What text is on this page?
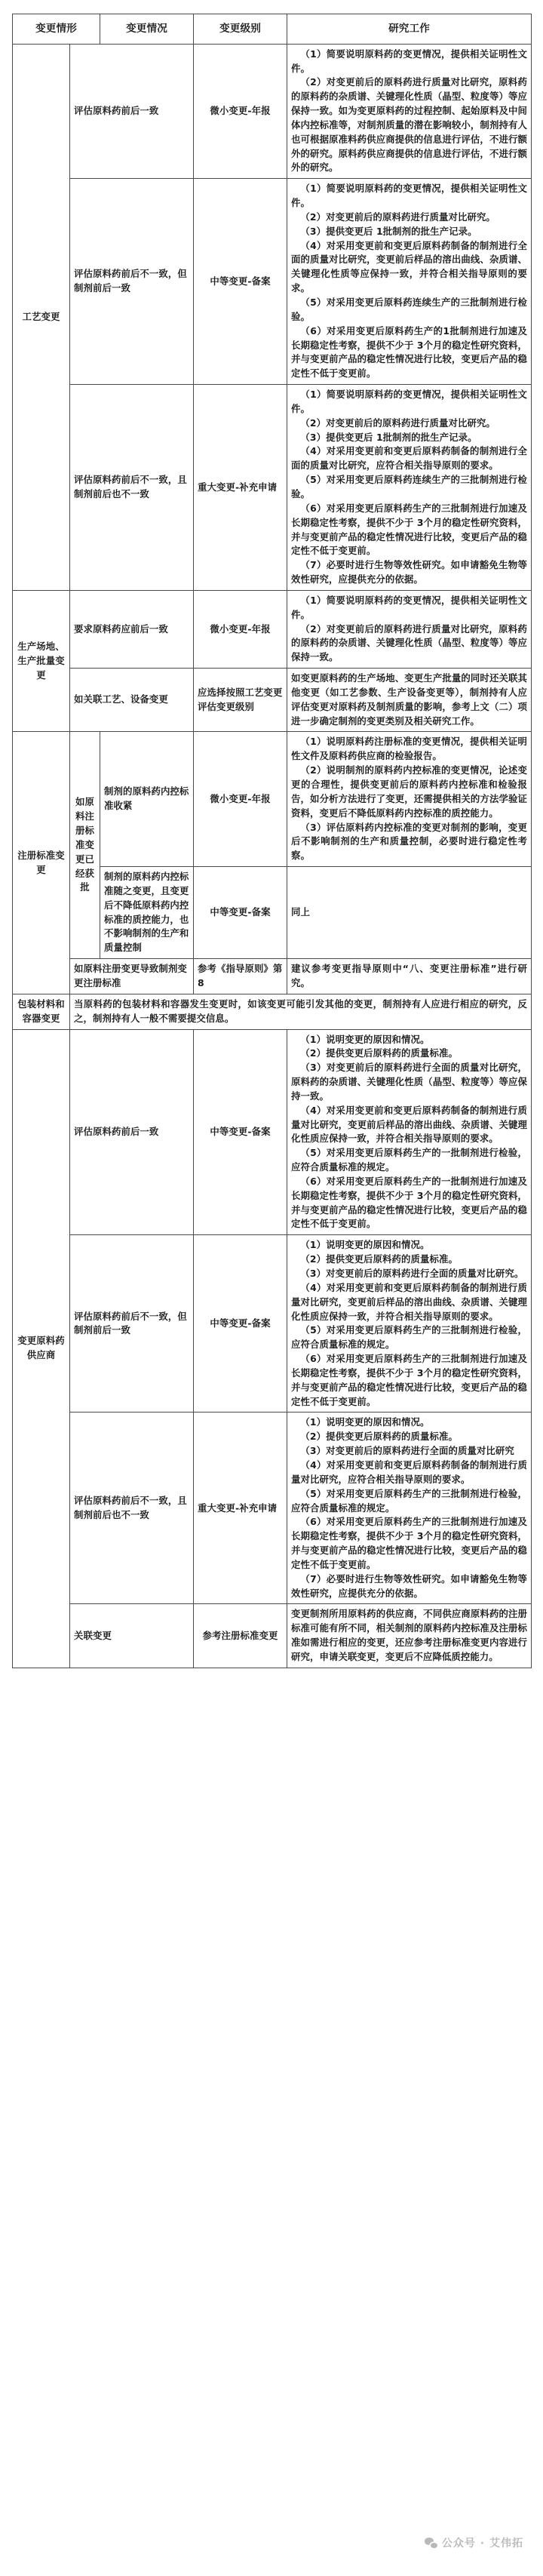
变更情形		变更情况	变更级别	研究工作
工艺变更	评估原料药前后一致		微小变更-年报	（1）简要说明原料药的变更情况，提供相关证明性文件。

（2）对变更前后的原料药进行质量对比研究，原料药的原料药的杂质谱、关键理化性质（晶型、粒度等）等应保持一致。如为变更原料药的过程控制、起始原料及中间体内控标准等，对制剂质量的潜在影响较小，制剂持有人也可根据原准料药供应商提供的信息进行评估，不进行额外的研究。原料药供应商提供的信息进行评估，不进行额外的研究。

评估原料药前后不一致，但制剂前后一致	中等变更-备案	

（1）简要说明原料药的变更情况，提供相关证明性文件。

（2）对变更前后的原料药进行质量对比研究。

（3）提供变更后 1批制剂的批生产记录。

（4）对采用变更前和变更后原料药制备的制剂进行全面的质量对比研究，变更前后样品的溶出曲线、杂质谱、关键理化性质等应保持一致，并符合相关指导原则的要求。

（5）对采用变更后原料药连续生产的三批制剂进行检验。

（6）对采用变更后原料药生产的1批制剂进行加速及长期稳定性考察，提供不少于 3个月的稳定性研究资料，并与变更前产品的稳定性情况进行比较，变更后产品的稳定性不低于变更前。

评估原料药前后不一致，且制剂前后也不一致	重大变更-补充申请	

（1）简要说明原料药的变更情况，提供相关证明性文件。

（2）对变更前后的原料药进行质量对比研究。

（3）提供变更后 1批制剂的批生产记录。

（4）对采用变更前和变更后原料药制备的制剂进行全面的质量对比研究，应符合相关指导原则的要求。

（5）对采用变更后原料药连续生产的三批制剂进行检验。

（6）对采用变更后原料药生产的三批制剂进行加速及长期稳定性考察，提供不少于 3个月的稳定性研究资料，并与变更前产品的稳定性情况进行比较，变更后产品的稳定性不低于变更前。

（7）必要时进行生物等效性研究。如申请豁免生物等效性研究，应提供充分的依据。

生产场地、生产批量变更	要求原料药应前后一致		微小变更-年报	（1）简要说明原料药的变更情况，提供相关证明性文件。

（2）对变更前后的原料药进行质量对比研究，原料药的原料药的杂质谱、关键理化性质（晶型、粒度等）等应保持一致。

	如关联工艺、设备变更		应选择按照工艺变更评估变更级别	如变更原料药的生产场地、变更生产批量的同时还关联其他变更（如工艺参数、生产设备变更等），制剂持有人应评估变更对原料药及制剂质量的影响，参考上文（二）项进一步确定制剂的变更类别及相关研究工作。

注册标准变更	如原料注册标准变更已经获批	制剂的原料药内控标准收紧	微小变更-年报	（1）说明原料药注册标准的变更情况，提供相关证明性文件及原料药供应商的检验报告。

（2）说明制剂的原料药内控标准的变更情况，论述变更的合理性，提供变更前后的原料药内控标准和检验报告，如分析方法进行了变更，还需提供相关的方法学验证资料，变更后不降低原料药内控标准的质控能力。

（3）评估原料药内控标准的变更对制剂的影响，变更后不影响制剂的生产和质量控制，必要时进行稳定性考察。

		制剂的原料药内控标准随之变更，且变更后不降低原料药内控标准的质控能力，也不影响制剂的生产和质量控制	中等变更-备案	同上

	如原料注册变更导致制剂变更注册标准		参考《指导原则》第8	建议参考变更指导原则中“八、变更注册标准”进行研究。

包装材料和容器变更	当原料药的包装材料和容器发生变更时，如该变更可能引发其他的变更，制剂持有人应进行相应的研究，反之，制剂持有人一般不需要提交信息。			
变更原料药供应商	评估原料药前后一致	中等变更-备案	

（1）说明变更的原因和情况。

（2）提供变更后原料药的质量标准。

（3）对变更前后的原料药进行全面的质量对比研究，原料药的杂质谱、关键理化性质（晶型、粒度等）等应保持一致。

（4）对采用变更前和变更后原料药制备的制剂进行质量对比研究，变更前后样品的溶出曲线、杂质谱、关键理化性质应保持一致，并符合相关指导原则的要求。

（5）对采用变更后原料药生产的一批制剂进行检验，应符合质量标准的规定。

（6）对采用变更后原料药生产的一批制剂进行加速及长期稳定性考察，提供不少于 3个月的稳定性研究资料，并与变更前产品的稳定性情况进行比较，变更后产品的稳定性不低于变更前。

评估原料药前后不一致，但制剂前后一致	中等变更-备案	

（1）说明变更的原因和情况。

（2）提供变更后原料药的质量标准。

（3）对变更前后的原料药进行全面的质量对比研究。

（4）对采用变更前和变更后原料药制备的制剂进行质量对比研究，变更前后样品的溶出曲线、杂质谱、关键理化性质应保持一致，并符合相关指导原则的要求。

（5）对采用变更后原料药生产的三批制剂进行检验，应符合质量标准的规定。

（6）对采用变更后原料药生产的三批制剂进行加速及长期稳定性考察，提供不少于 3个月的稳定性研究资料，并与变更前产品的稳定性情况进行比较，变更后产品的稳定性不低于变更前。

评估原料药前后不一致，且制剂前后也不一致	重大变更-补充申请	

（1）说明变更的原因和情况。

（2）提供变更后原料药的质量标准。

（3）对变更前后的原料药进行全面的质量对比研究

（4）对采用变更前和变更后原料药制备的制剂进行质量对比研究，应符合相关指导原则的要求。

（5）对采用变更后原料药生产的三批制剂进行检验，应符合质量标准的规定。

（6）对采用变更后原料药生产的三批制剂进行加速及长期稳定性考察，提供不少于 3个月的稳定性研究资料，并与变更前产品的稳定性情况进行比较，变更后产品的稳定性不低于变更前。

（7）必要时进行生物等效性研究。如申请豁免生物等效性研究，应提供充分的依据。

	关联变更		参考注册标准变更	变更制剂所用原料药的供应商，不同供应商原料药的注册标准可能有所不同，相关制剂的原料药内控标准及注册标准如需进行相应的变更，还应参考注册标准变更内容进行研究，申请关联变更，变更后不应降低质控能力。

公众号 · 艾伟拓
